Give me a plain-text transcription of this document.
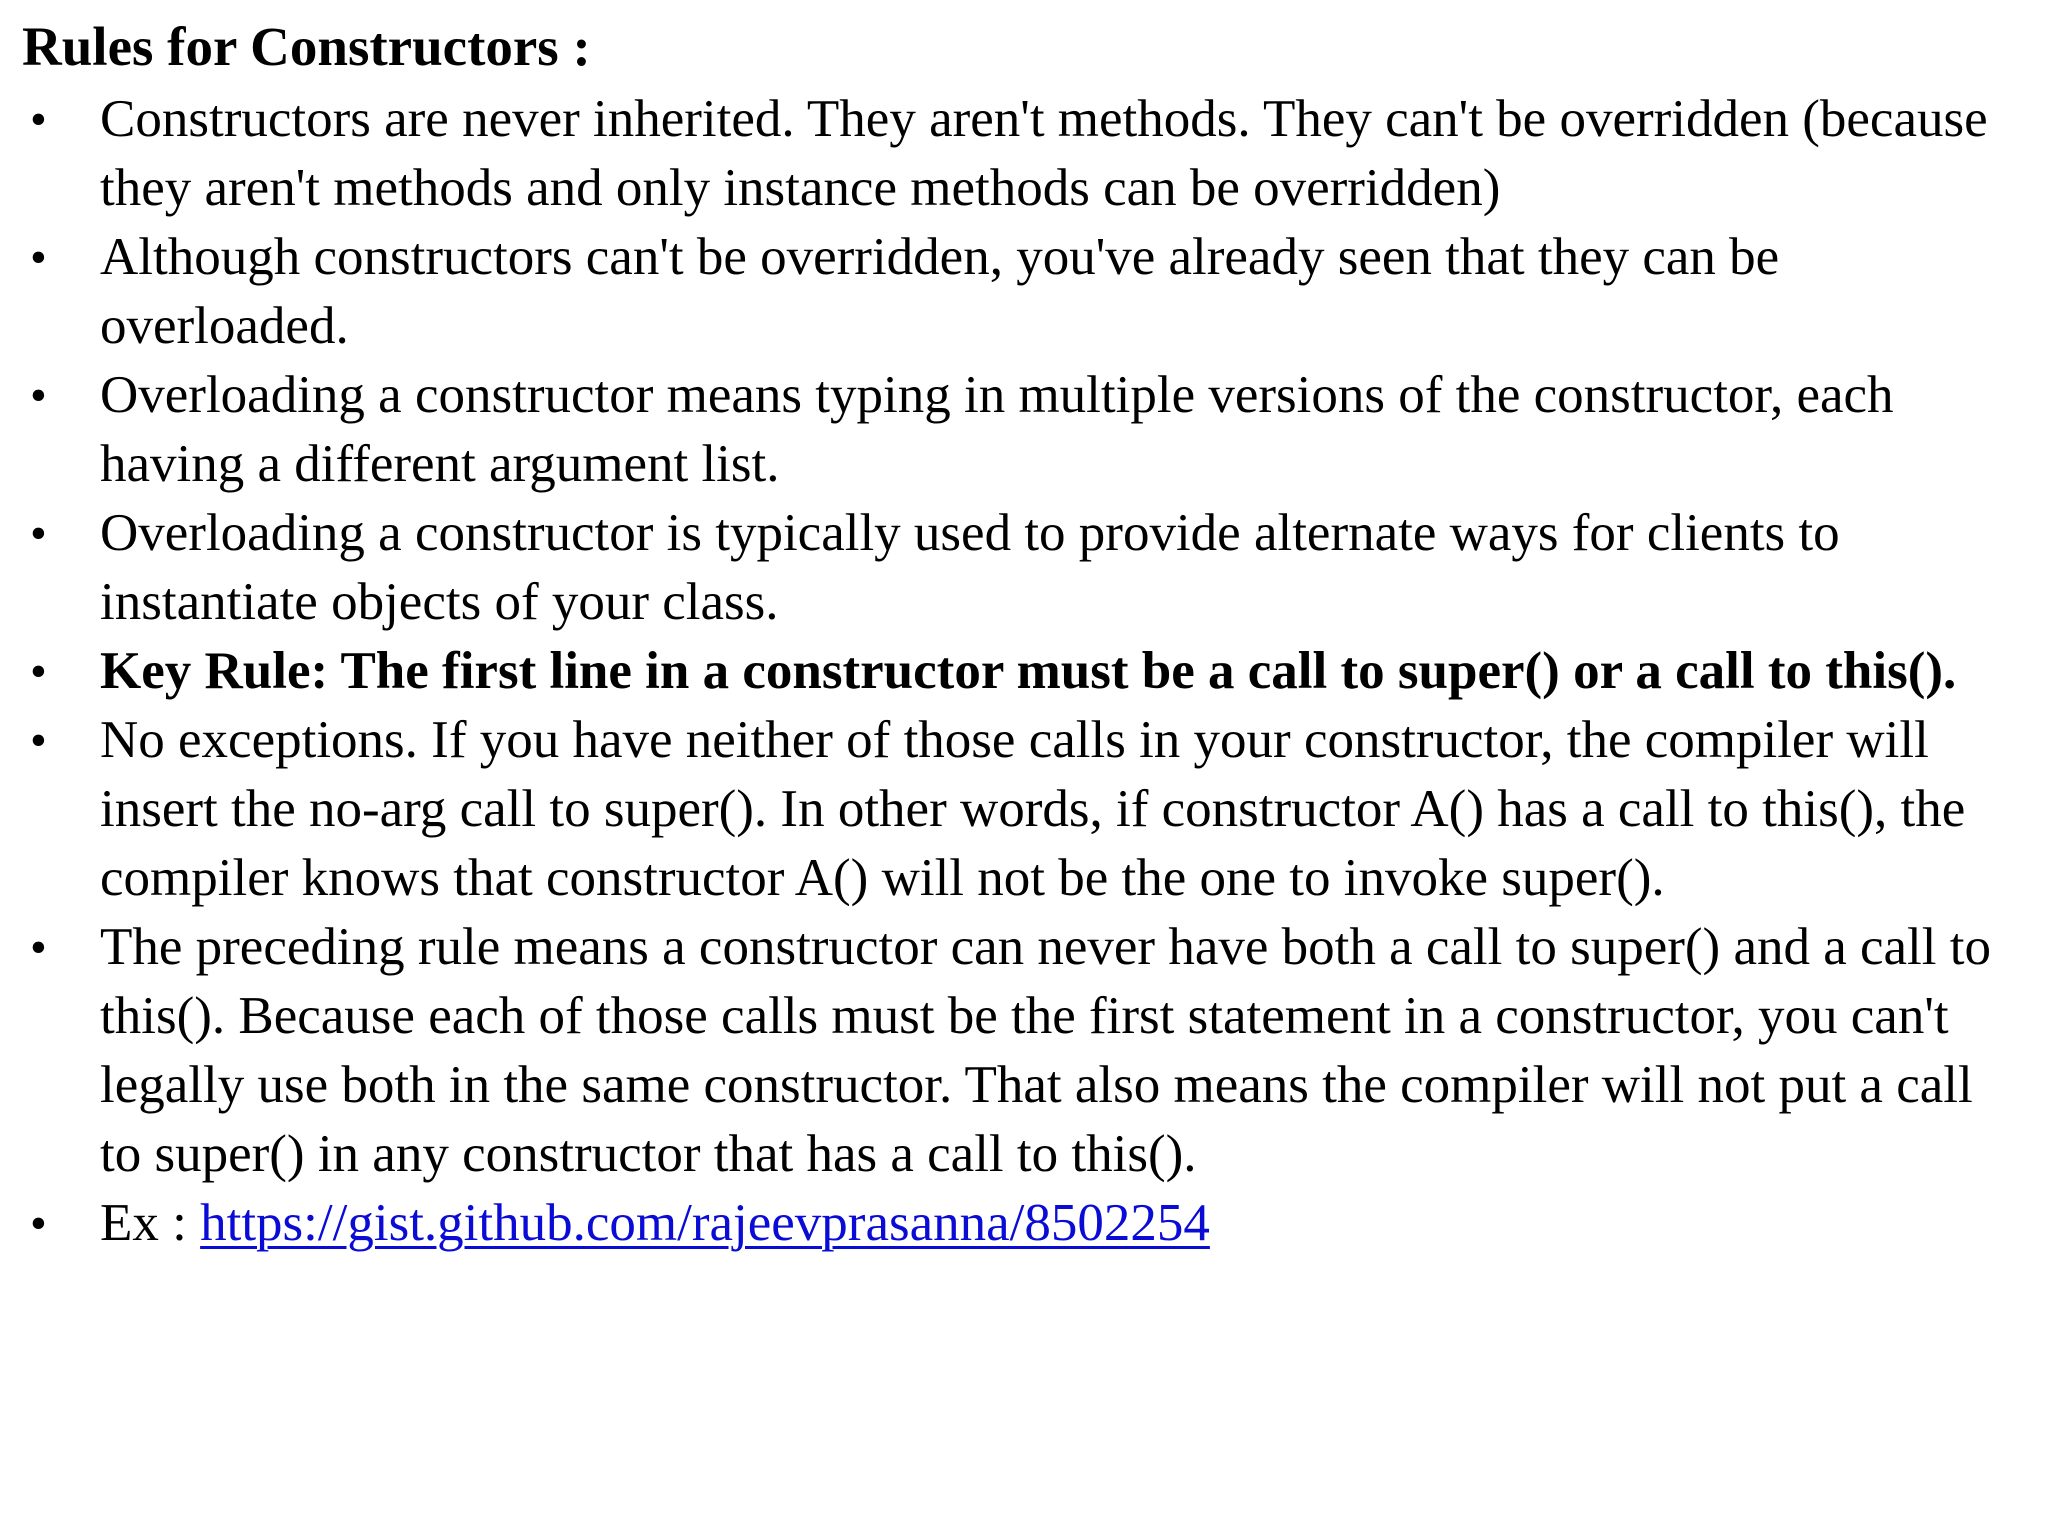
Rules for Constructors :
• Constructors are never inherited. They aren't methods. They can't be overridden (because they aren't methods and only instance methods can be overridden)
• Although constructors can't be overridden, you've already seen that they can be overloaded.
• Overloading a constructor means typing in multiple versions of the constructor, each having a different argument list.
• Overloading a constructor is typically used to provide alternate ways for clients to instantiate objects of your class.
• Key Rule: The first line in a constructor must be a call to super() or a call to this().
• No exceptions. If you have neither of those calls in your constructor, the compiler will insert the no-arg call to super(). In other words, if constructor A() has a call to this(), the compiler knows that constructor A() will not be the one to invoke super().
• The preceding rule means a constructor can never have both a call to super() and a call to this(). Because each of those calls must be the first statement in a constructor, you can't legally use both in the same constructor. That also means the compiler will not put a call to super() in any constructor that has a call to this().
• Ex : https://gist.github.com/rajeevprasanna/8502254
